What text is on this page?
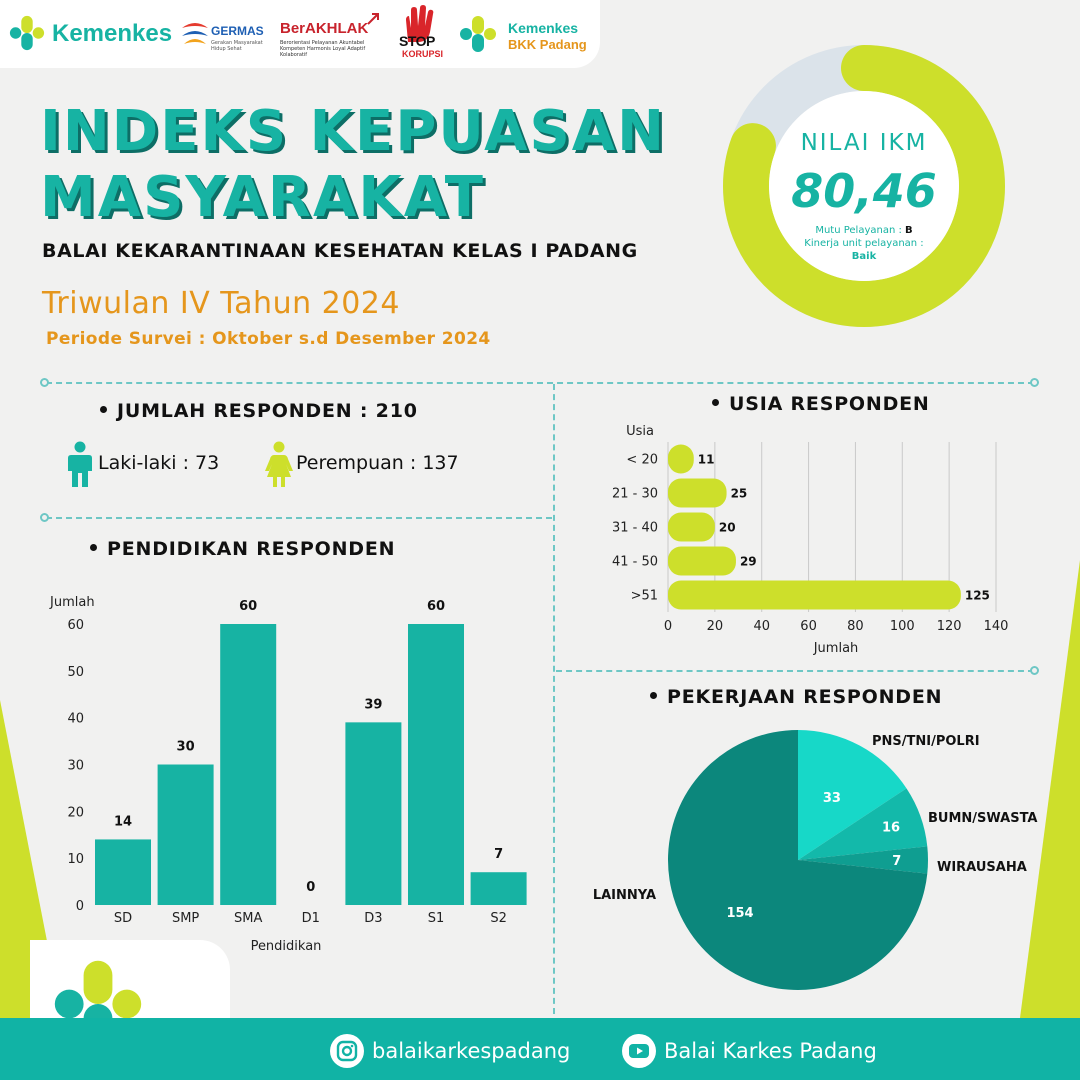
Kemenkes	GERMAS
Gerakan Masyarakat Hidup Sehat
BerAKHLAK
Berorientasi Pelayanan Akuntabel Kompeten Harmonis Loyal Adaptif Kolaboratif
STOP
KORUPSI
Kemenkes
BKK Padang
INDEKS KEPUASAN
MASYARAKAT
BALAI KEKARANTINAAN KESEHATAN KELAS I PADANG
Triwulan IV Tahun 2024
Periode Survei : Oktober s.d Desember 2024
NILAI IKM
80,46
Mutu Pelayanan : B
Kinerja unit pelayanan :
Baik
JUMLAH RESPONDEN : 210
Laki-laki : 73	Perempuan : 137
PENDIDIKAN RESPONDEN
Jumlah
0
10
20
30
40
50
60
14
SD
30
SMP
60
SMA
0
D1
39
D3
60
S1
7
S2
Pendidikan
USIA RESPONDEN
Usia
0	20 40 60 80 100 120 140
11
< 20
25
21 - 30
20
31 - 40
29
41 - 50
125
>51
Jumlah
PEKERJAAN RESPONDEN
33
PNS/TNI/POLRI
16
BUMN/SWASTA
7	WIRAUSAHA
154
LAINNYA
balaikarkespadang	Balai Karkes Padang
